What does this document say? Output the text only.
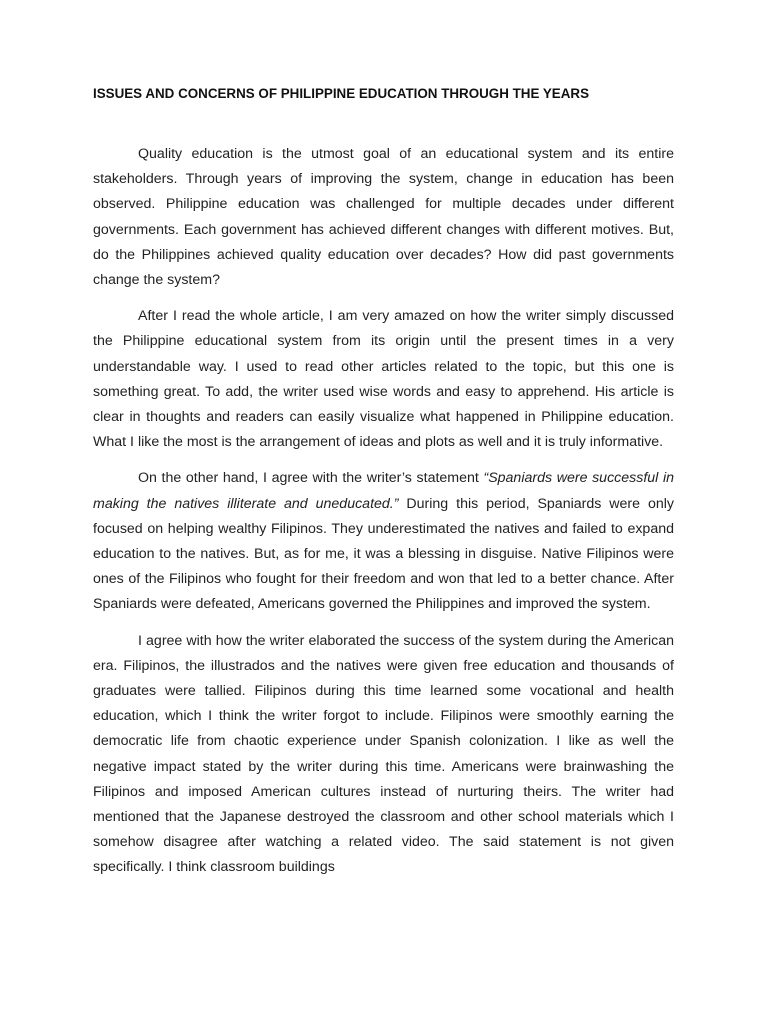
ISSUES AND CONCERNS OF PHILIPPINE EDUCATION THROUGH THE YEARS

Quality education is the utmost goal of an educational system and its entire stakeholders. Through years of improving the system, change in education has been observed. Philippine education was challenged for multiple decades under different governments. Each government has achieved different changes with different motives. But, do the Philippines achieved quality education over decades? How did past governments change the system?

After I read the whole article, I am very amazed on how the writer simply discussed the Philippine educational system from its origin until the present times in a very understandable way. I used to read other articles related to the topic, but this one is something great. To add, the writer used wise words and easy to apprehend. His article is clear in thoughts and readers can easily visualize what happened in Philippine education. What I like the most is the arrangement of ideas and plots as well and it is truly informative.

On the other hand, I agree with the writer’s statement “Spaniards were successful in making the natives illiterate and uneducated.” During this period, Spaniards were only focused on helping wealthy Filipinos. They underestimated the natives and failed to expand education to the natives. But, as for me, it was a blessing in disguise. Native Filipinos were ones of the Filipinos who fought for their freedom and won that led to a better chance. After Spaniards were defeated, Americans governed the Philippines and improved the system.

I agree with how the writer elaborated the success of the system during the American era. Filipinos, the illustrados and the natives were given free education and thousands of graduates were tallied. Filipinos during this time learned some vocational and health education, which I think the writer forgot to include. Filipinos were smoothly earning the democratic life from chaotic experience under Spanish colonization. I like as well the negative impact stated by the writer during this time. Americans were brainwashing the Filipinos and imposed American cultures instead of nurturing theirs. The writer had mentioned that the Japanese destroyed the classroom and other school materials which I somehow disagree after watching a related video. The said statement is not given specifically. I think classroom buildings
